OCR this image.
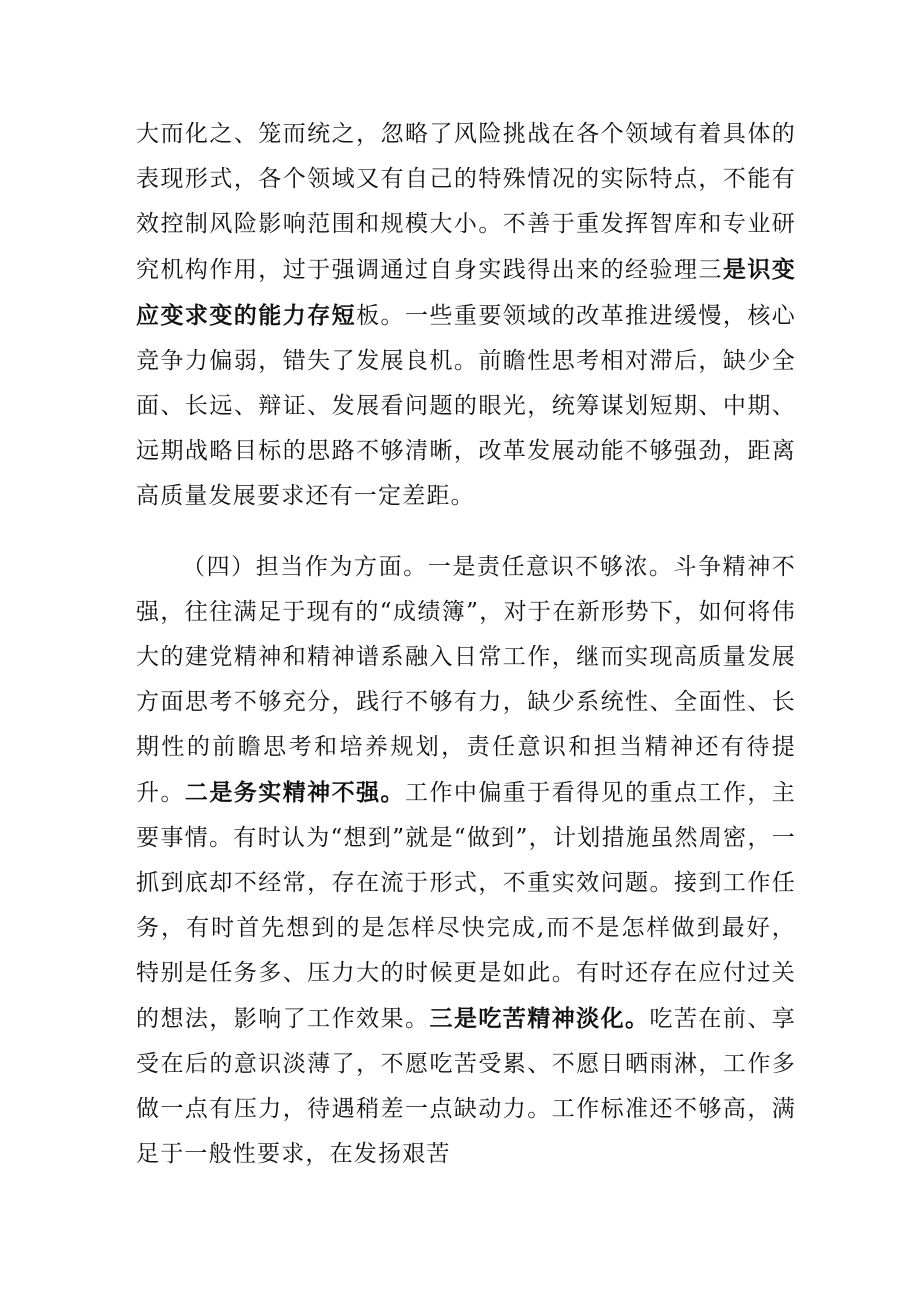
大而化之、笼而统之，忽略了风险挑战在各个领域有着具体的表现形式，各个领域又有自己的特殊情况的实际特点，不能有效控制风险影响范围和规模大小。不善于重发挥智库和专业研究机构作用，过于强调通过自身实践得出来的经验理三是识变应变求变的能力存短板。一些重要领域的改革推进缓慢，核心竞争力偏弱，错失了发展良机。前瞻性思考相对滞后，缺少全面、长远、辩证、发展看问题的眼光，统筹谋划短期、中期、远期战略目标的思路不够清晰，改革发展动能不够强劲，距离高质量发展要求还有一定差距。

（四）担当作为方面。一是责任意识不够浓。斗争精神不强，往往满足于现有的“成绩簿”，对于在新形势下，如何将伟大的建党精神和精神谱系融入日常工作，继而实现高质量发展方面思考不够充分，践行不够有力，缺少系统性、全面性、长期性的前瞻思考和培养规划，责任意识和担当精神还有待提升。二是务实精神不强。工作中偏重于看得见的重点工作，主要事情。有时认为“想到”就是“做到”，计划措施虽然周密，一抓到底却不经常，存在流于形式，不重实效问题。接到工作任务，有时首先想到的是怎样尽快完成,而不是怎样做到最好，特别是任务多、压力大的时候更是如此。有时还存在应付过关的想法，影响了工作效果。三是吃苦精神淡化。吃苦在前、享受在后的意识淡薄了，不愿吃苦受累、不愿日晒雨淋，工作多做一点有压力，待遇稍差一点缺动力。工作标准还不够高，满足于一般性要求，在发扬艰苦
